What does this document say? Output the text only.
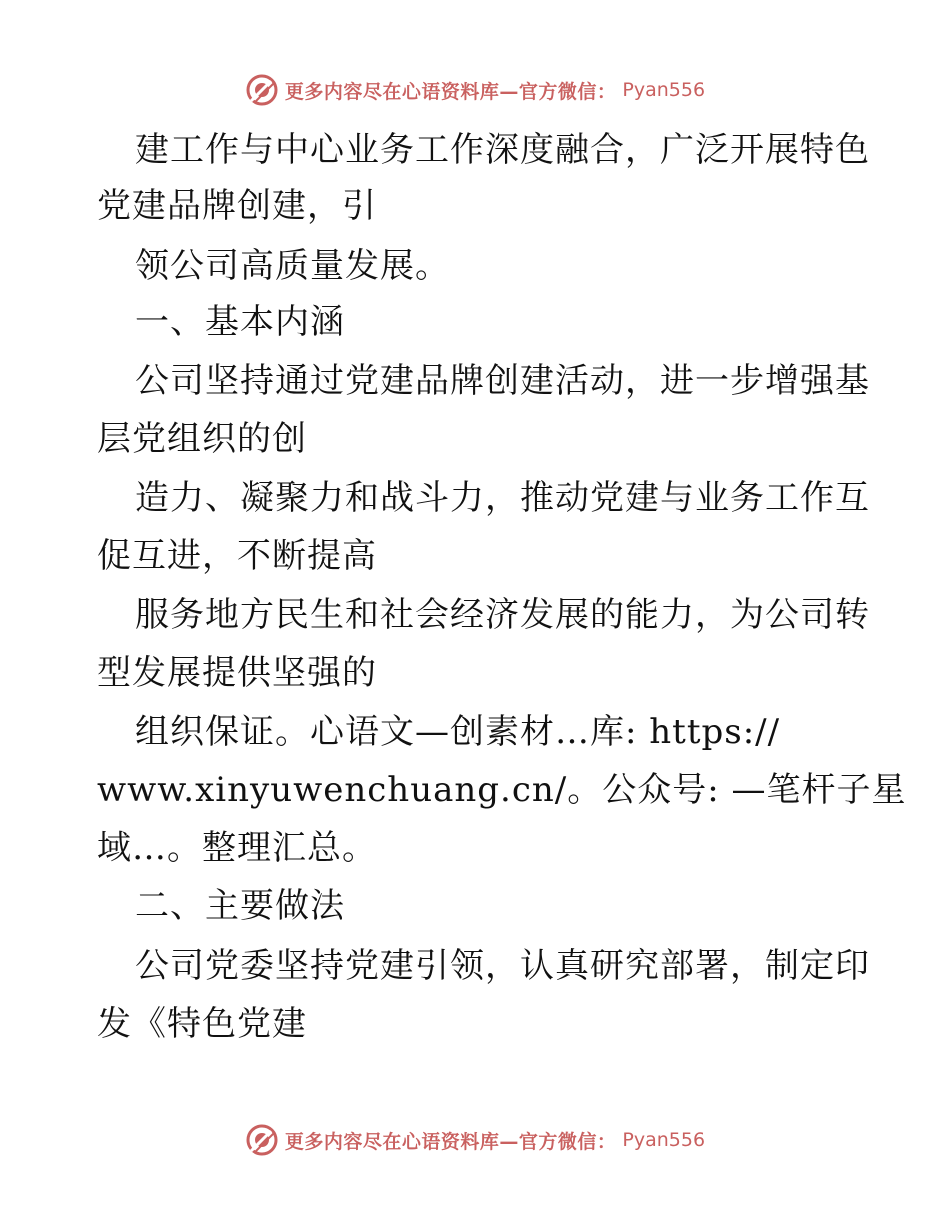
更多内容尽在心语资料库—官方微信： Pyan556
建工作与中心业务工作深度融合，广泛开展特色
党建品牌创建，引
领公司高质量发展。
一、基本内涵
公司坚持通过党建品牌创建活动，进一步增强基
层党组织的创
造力、凝聚力和战斗力，推动党建与业务工作互
促互进，不断提高
服务地方民生和社会经济发展的能力，为公司转
型发展提供坚强的
组织保证。心语文—创素材…库: https://
www.xinyuwenchuang.cn/。公众号: —笔杆子星
域…。整理汇总。
二、主要做法
公司党委坚持党建引领，认真研究部署，制定印
发《特色党建
更多内容尽在心语资料库—官方微信： Pyan556
